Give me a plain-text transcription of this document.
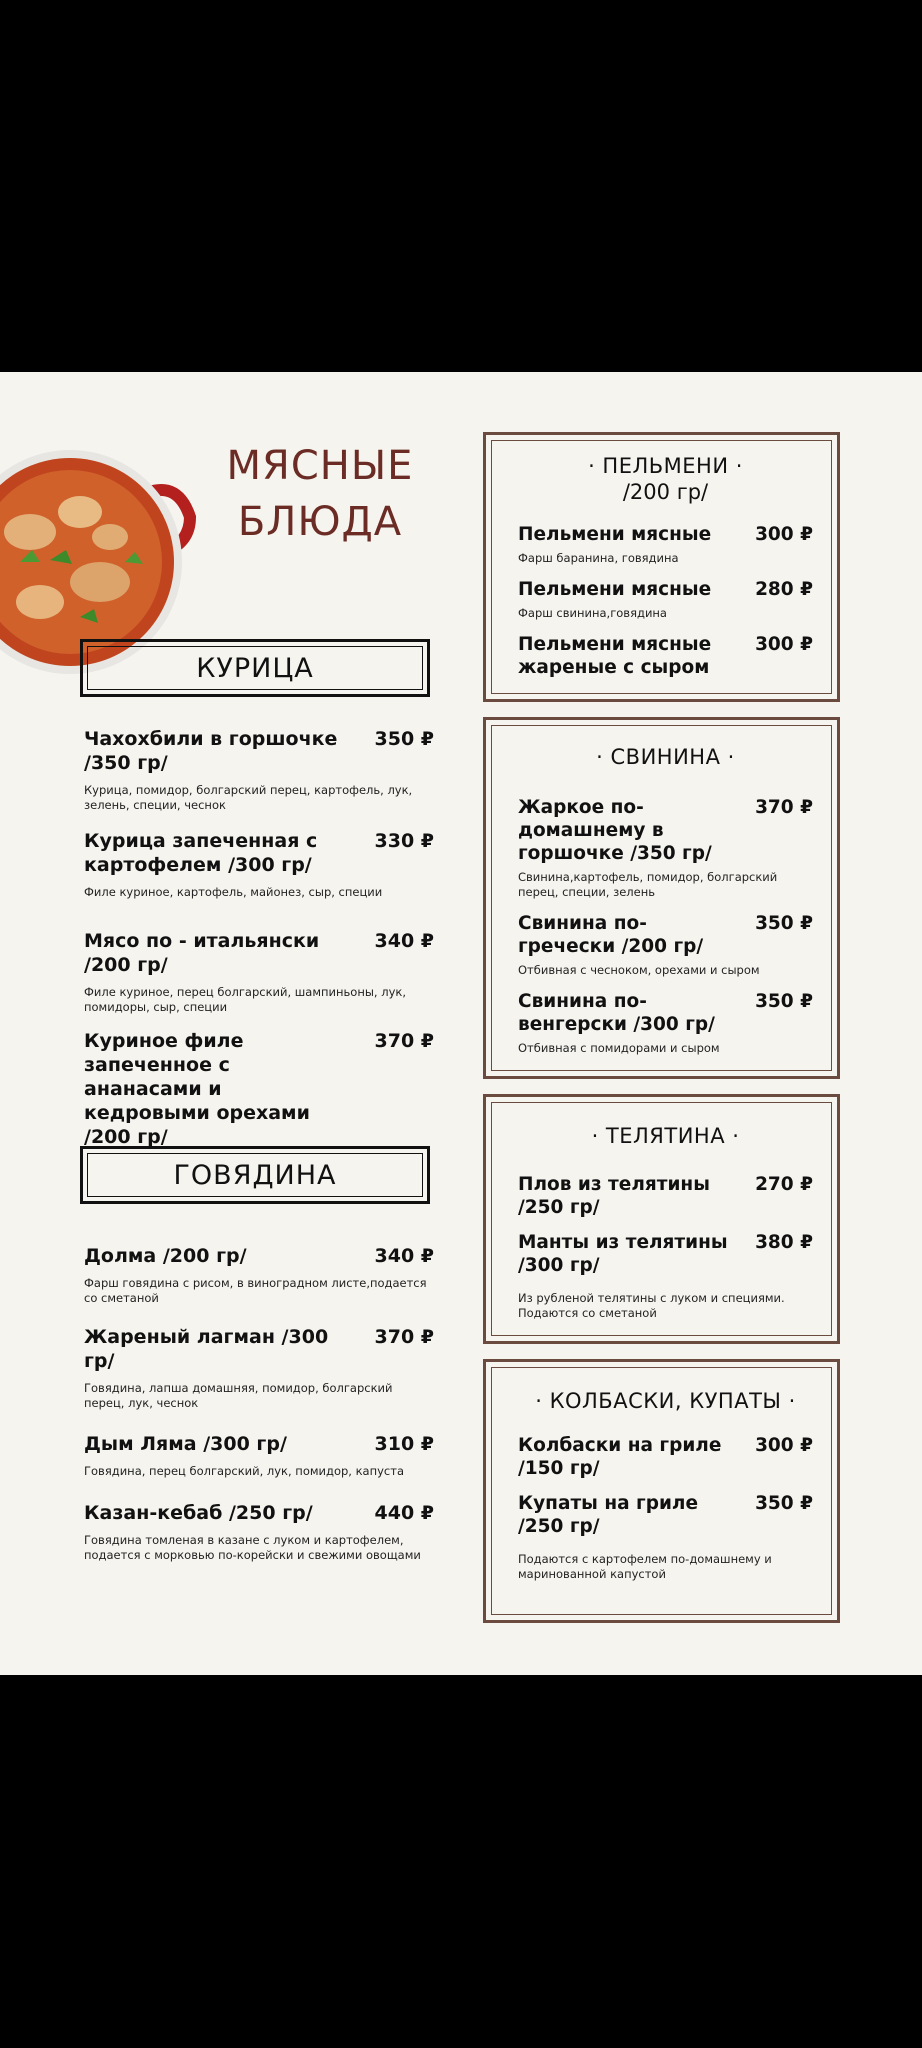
МЯСНЫЕ
БЛЮДА
КУРИЦА
Чахохбили в горшочке /350 гр/
350 ₽
Курица, помидор, болгарский перец, картофель, лук, зелень, специи, чеснок
Курица запеченная с картофелем /300 гр/
330 ₽
Филе куриное, картофель, майонез, сыр, специи
Мясо по - итальянски /200 гр/
340 ₽
Филе куриное, перец болгарский, шампиньоны, лук, помидоры, сыр, специи
Куриное филе запеченное с ананасами и кедровыми орехами /200 гр/
370 ₽
ГОВЯДИНА
Долма /200 гр/	340 ₽
Фарш говядина с рисом, в виноградном листе,подается со сметаной
Жареный лагман /300 гр/
370 ₽
Говядина, лапша домашняя, помидор, болгарский перец, лук, чеснок
Дым Ляма /300 гр/	310 ₽
Говядина, перец болгарский, лук, помидор, капуста
Казан-кебаб /250 гр/	440 ₽
Говядина томленая в казане с луком и картофелем, подается с морковью по-корейски и свежими овощами
· ПЕЛЬМЕНИ ·
/200 гр/
Пельмени мясные	300 ₽
Фарш баранина, говядина
Пельмени мясные	280 ₽
Фарш свинина,говядина
Пельмени мясные жареные с сыром
300 ₽
· СВИНИНА ·
Жаркое по-домашнему в горшочке /350 гр/
370 ₽
Свинина,картофель, помидор, болгарский перец, специи, зелень
Свинина по-гречески /200 гр/
350 ₽
Отбивная с чесноком, орехами и сыром
Свинина по-венгерски /300 гр/
350 ₽
Отбивная с помидорами и сыром
· ТЕЛЯТИНА ·
Плов из телятины /250 гр/
270 ₽
Манты из телятины /300 гр/
380 ₽
Из рубленой телятины с луком и специями. Подаются со сметаной
· КОЛБАСКИ, КУПАТЫ ·
Колбаски на гриле /150 гр/
300 ₽
Купаты на гриле /250 гр/
350 ₽
Подаются с картофелем по-домашнему и маринованной капустой
